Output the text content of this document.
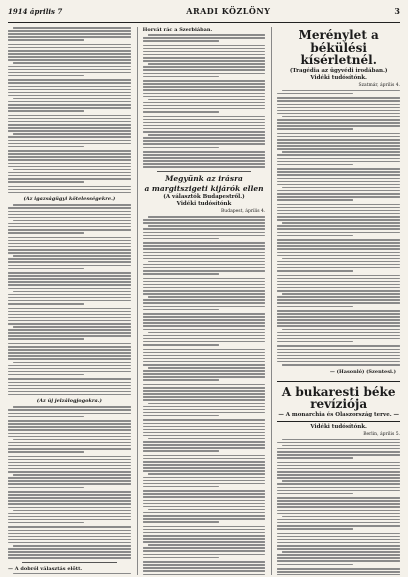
1914 április 7	ARADI KÖZLÖNY	3
(Az igazságügyi kötelességekre.)
(Az új jelzálogjogokra.)
— A dobról választás előtt.
Horvát rác a Szerbiában.
Megyünk az irásra
a margitszigeti kijárók ellen
(A választók Budapestről.)
Vidéki tudósítónk
Budapest, április 4.
Merénylet a békülési kísérletnél.
(Tragédia az ügyvédi irodában.)
Vidéki tudósítónk.
Szatmár, április 4.
— (Hasonló) (Szentesi.)
A bukaresti béke revíziója
— A monarchia és Olaszország terve. —
Vidéki tudósítónk.
Berlin, április 5.
